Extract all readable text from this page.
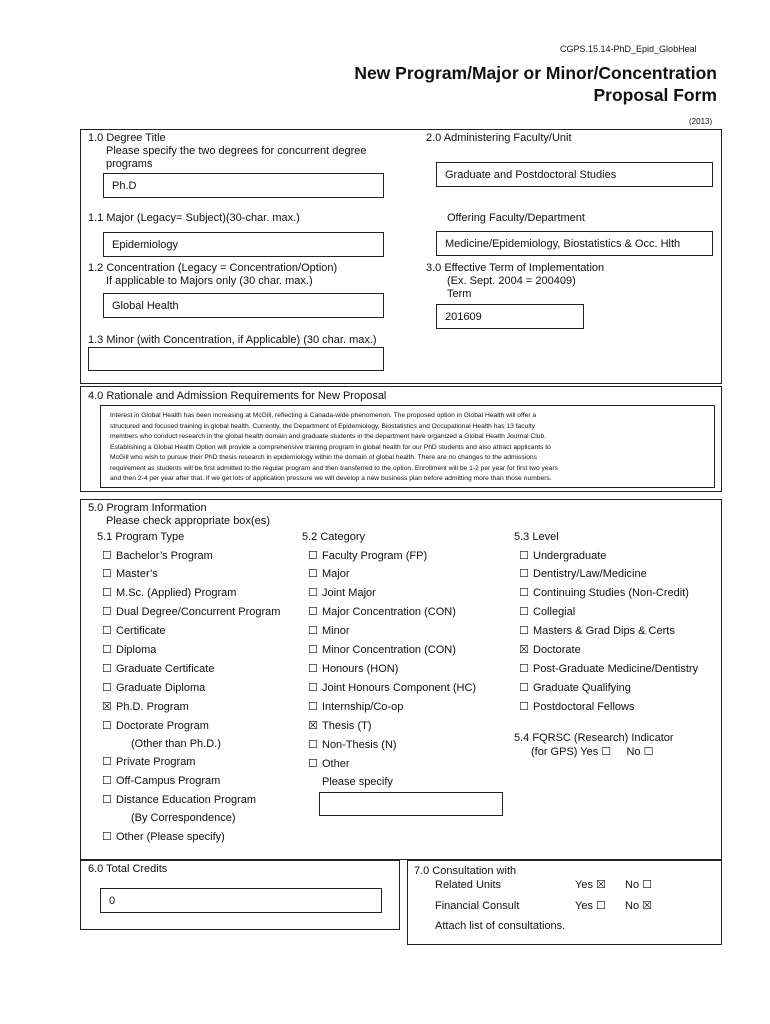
CGPS.15.14-PhD_Epid_GlobHeal
New Program/Major or Minor/Concentration
Proposal Form
(2013)
1.0 Degree Title
Please specify the two degrees for concurrent degree
programs
Ph.D
1.1 Major (Legacy= Subject)(30-char. max.)
Epidemiology
1.2 Concentration (Legacy = Concentration/Option)
If applicable to Majors only (30 char. max.)
Global Health
1.3 Minor (with Concentration, if Applicable) (30 char. max.)
2.0 Administering Faculty/Unit
Graduate and Postdoctoral Studies
Offering Faculty/Department
Medicine/Epidemiology, Biostatistics & Occ. Hlth
3.0 Effective Term of Implementation
(Ex. Sept. 2004 = 200409)
Term
201609
4.0 Rationale and Admission Requirements for New Proposal
Interest in Global Health has been increasing at McGill, reflecting a Canada-wide phenomenon. The proposed option in Global Health will offer a
structured and focused training in global health. Currently, the Department of Epidemiology, Biostatistics and Occupational Health has 13 faculty
members who conduct research in the global health domain and graduate students in the department have organized a Global Health Journal Club.
Establishing a Global Health Option will provide a comprehensive training program in global health for our PhD students and also attract applicants to
McGill who wish to pursue their PhD thesis research in epidemiology within the domain of global health. There are no changes to the admissions
requirement as students will be first admitted to the regular program and then transferred to the option. Enrollment will be 1-2 per year for first two years
and then 2-4 per year after that. If we get lots of application pressure we will develop a new business plan before admitting more than those numbers.
5.0 Program Information
Please check appropriate box(es)
5.1 Program Type	5.2 Category	5.3 Level
☐ Bachelor’s Program
☐ Master’s
☐ M.Sc. (Applied) Program
☐ Dual Degree/Concurrent Program
☐ Certificate
☐ Diploma
☐ Graduate Certificate
☐ Graduate Diploma
☒ Ph.D. Program
☐ Doctorate Program
(Other than Ph.D.)
☐ Private Program
☐ Off-Campus Program
☐ Distance Education Program
(By Correspondence)
☐ Other (Please specify)
☐ Faculty Program (FP)
☐ Major
☐ Joint Major
☐ Major Concentration (CON)
☐ Minor
☐ Minor Concentration (CON)
☐ Honours (HON)
☐ Joint Honours Component (HC)
☐ Internship/Co-op
☒ Thesis (T)
☐ Non-Thesis (N)
☐ Other
☐ Undergraduate
☐ Dentistry/Law/Medicine
☐ Continuing Studies (Non-Credit)
☐ Collegial
☐ Masters & Grad Dips & Certs
☒ Doctorate
☐ Post-Graduate Medicine/Dentistry
☐ Graduate Qualifying
☐ Postdoctoral Fellows
Please specify
5.4 FQRSC (Research) Indicator
(for GPS) Yes ☐     No ☐
6.0 Total Credits
0
7.0 Consultation with
Related Units	Yes ☒ No ☐
Financial Consult	Yes ☐ No ☒
Attach list of consultations.
